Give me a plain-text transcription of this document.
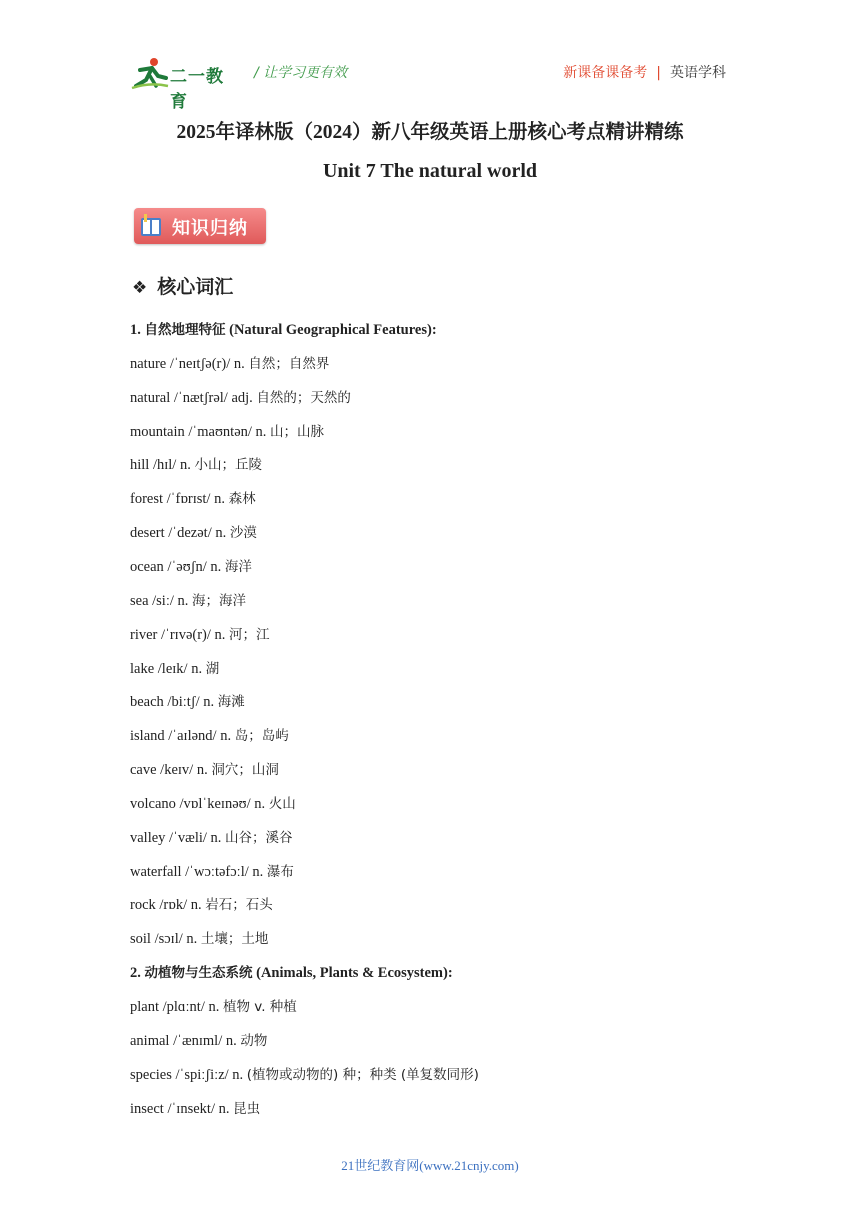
二一教育
/ 让学习更有效	新课备课备考 | 英语学科
2025年译林版（2024）新八年级英语上册核心考点精讲精练
Unit 7 The natural world
知识归纳
❖ 核心词汇
1. 自然地理特征 (Natural Geographical Features):
nature /ˈneɪtʃə(r)/ n. 自然；自然界
natural /ˈnætʃrəl/ adj. 自然的；天然的
mountain /ˈmaʊntən/ n. 山；山脉
hill /hɪl/ n. 小山；丘陵
forest /ˈfɒrɪst/ n. 森林
desert /ˈdezət/ n. 沙漠
ocean /ˈəʊʃn/ n. 海洋
sea /siː/ n. 海；海洋
river /ˈrɪvə(r)/ n. 河；江
lake /leɪk/ n. 湖
beach /biːtʃ/ n. 海滩
island /ˈaɪlənd/ n. 岛；岛屿
cave /keɪv/ n. 洞穴；山洞
volcano /vɒlˈkeɪnəʊ/ n. 火山
valley /ˈvæli/ n. 山谷；溪谷
waterfall /ˈwɔːtəfɔːl/ n. 瀑布
rock /rɒk/ n. 岩石；石头
soil /sɔɪl/ n. 土壤；土地
2. 动植物与生态系统 (Animals, Plants & Ecosystem):
plant /plɑːnt/ n. 植物 v. 种植
animal /ˈænɪml/ n. 动物
species /ˈspiːʃiːz/ n. (植物或动物的) 种；种类 (单复数同形)
insect /ˈɪnsekt/ n. 昆虫
21世纪教育网(www.21cnjy.com)
